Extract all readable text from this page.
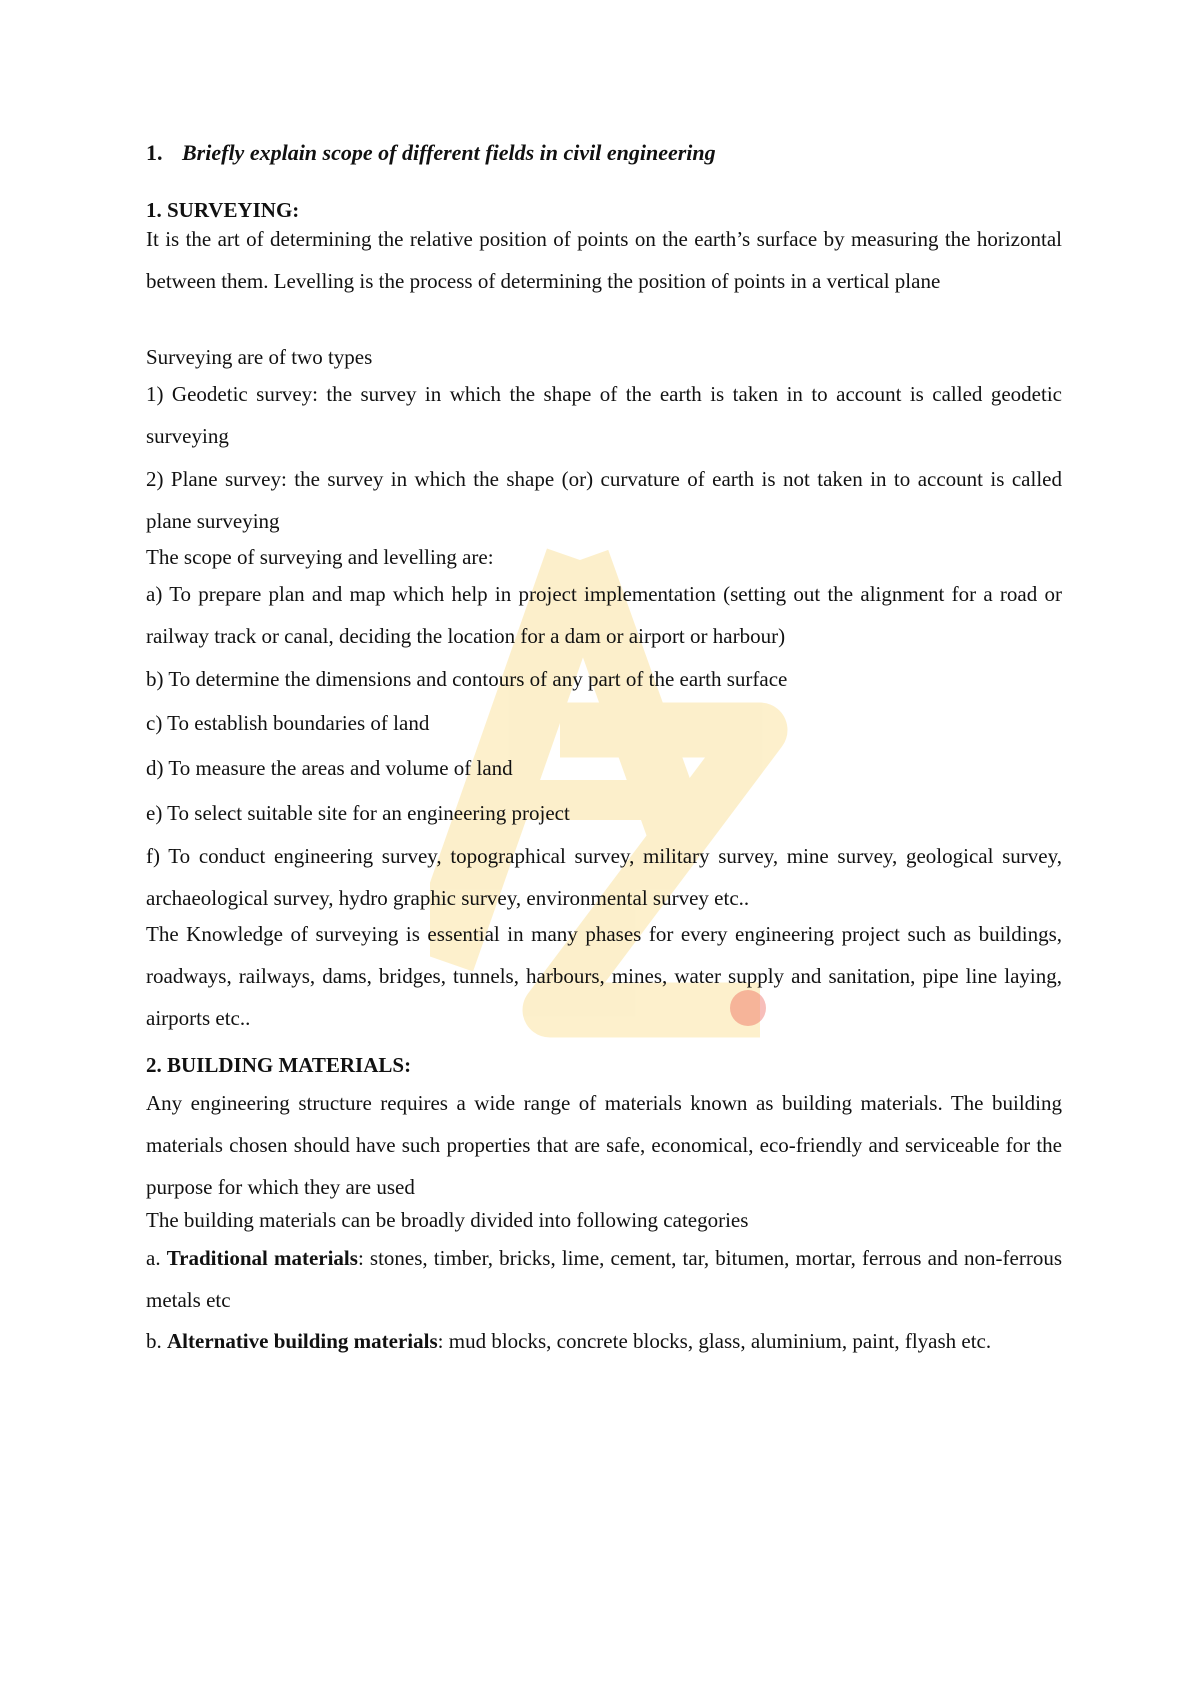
1. Briefly explain scope of different fields in civil engineering
1. SURVEYING:
It is the art of determining the relative position of points on the earth’s surface by measuring the horizontal between them. Levelling is the process of determining the position of points in a vertical plane
Surveying are of two types
1) Geodetic survey: the survey in which the shape of the earth is taken in to account is called geodetic surveying
2) Plane survey: the survey in which the shape (or) curvature of earth is not taken in to account is called plane surveying
The scope of surveying and levelling are:
a) To prepare plan and map which help in project implementation (setting out the alignment for a road or railway track or canal, deciding the location for a dam or airport or harbour)
b) To determine the dimensions and contours of any part of the earth surface
c) To establish boundaries of land
d) To measure the areas and volume of land
e) To select suitable site for an engineering project
f) To conduct engineering survey, topographical survey, military survey, mine survey, geological survey, archaeological survey, hydro graphic survey, environmental survey etc..
The Knowledge of surveying is essential in many phases for every engineering project such as buildings, roadways, railways, dams, bridges, tunnels, harbours, mines, water supply and sanitation, pipe line laying, airports etc..
2. BUILDING MATERIALS:
Any engineering structure requires a wide range of materials known as building materials. The building materials chosen should have such properties that are safe, economical, eco-friendly and serviceable for the purpose for which they are used
The building materials can be broadly divided into following categories
a. Traditional materials: stones, timber, bricks, lime, cement, tar, bitumen, mortar, ferrous and non-ferrous metals etc
b. Alternative building materials: mud blocks, concrete blocks, glass, aluminium, paint, flyash etc.
